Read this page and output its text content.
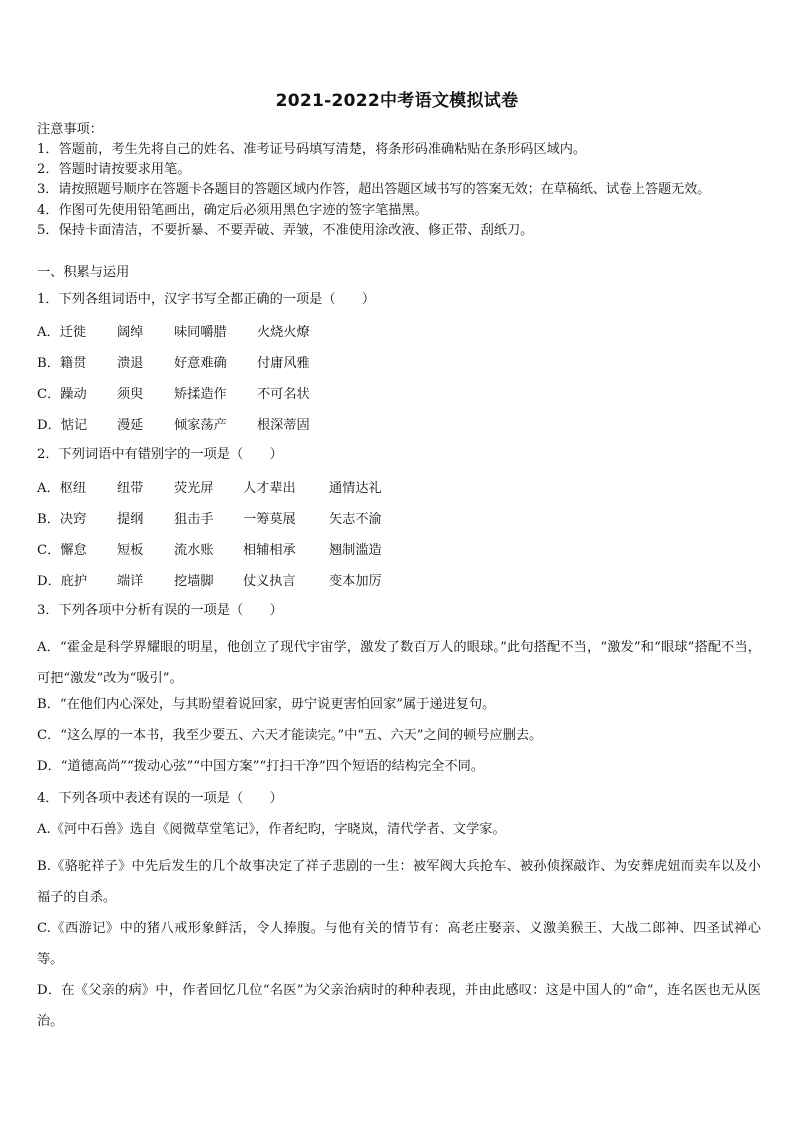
2021-2022中考语文模拟试卷
注意事项：
1．答题前，考生先将自己的姓名、准考证号码填写清楚，将条形码准确粘贴在条形码区域内。
2．答题时请按要求用笔。
3．请按照题号顺序在答题卡各题目的答题区域内作答，超出答题区域书写的答案无效；在草稿纸、试卷上答题无效。
4．作图可先使用铅笔画出，确定后必须用黑色字迹的签字笔描黑。
5．保持卡面清洁，不要折暴、不要弄破、弄皱，不准使用涂改液、修正带、刮纸刀。
一、积累与运用
1．下列各组词语中，汉字书写全都正确的一项是（　　）
A．迁徙 阔绰 味同嚼腊 火烧火燎
B．籍贯 溃退 好意难确 付庸风雅
C．躁动 须臾 矫揉造作 不可名状
D．惦记 漫延 倾家荡产 根深蒂固
2．下列词语中有错别字的一项是（　　）
A．枢纽 纽带 荧光屏 人才辈出	通情达礼
B．决窍 提纲 狙击手 一筹莫展	矢志不渝
C．懈怠 短板 流水账 相辅相承	翘制滥造
D．庇护 端详 挖墙脚 仗义执言	变本加厉
3．下列各项中分析有误的一项是（　　）
A．“霍金是科学界耀眼的明星，他创立了现代宇宙学，激发了数百万人的眼球。”此句搭配不当，“激发”和“眼球”搭配不当，可把“激发”改为“吸引”。
B．“在他们内心深处，与其盼望着说回家，毋宁说更害怕回家”属于递进复句。
C．“这么厚的一本书，我至少要五、六天才能读完。”中“五、六天”之间的顿号应删去。
D．“道德高尚”“拨动心弦”“中国方案”“打扫干净”四个短语的结构完全不同。
4．下列各项中表述有误的一项是（　　）
A.《河中石兽》选自《阅微草堂笔记》，作者纪昀，字晓岚，清代学者、文学家。
B.《骆驼祥子》中先后发生的几个故事决定了祥子悲剧的一生：被军阀大兵抢车、被孙侦探敲诈、为安葬虎妞而卖车以及小福子的自杀。
C.《西游记》中的猪八戒形象鲜活，令人捧腹。与他有关的情节有：高老庄娶亲、义激美猴王、大战二郎神、四圣试禅心等。
D．在《父亲的病》中，作者回忆几位“名医”为父亲治病时的种种表现，并由此感叹：这是中国人的“命”，连名医也无从医治。
